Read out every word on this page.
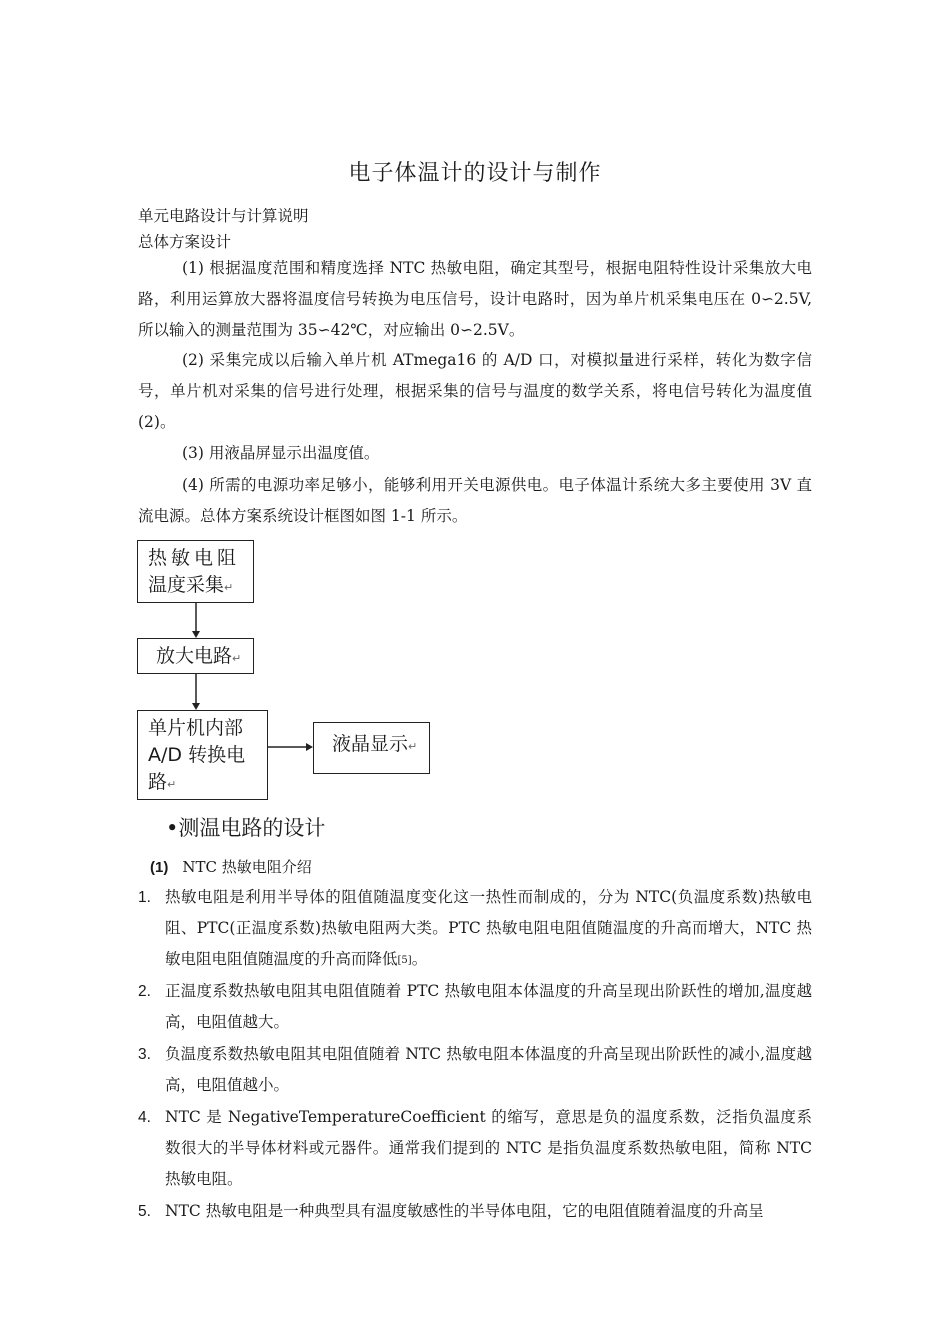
电子体温计的设计与制作
单元电路设计与计算说明
总体方案设计
(1) 根据温度范围和精度选择 NTC 热敏电阻，确定其型号，根据电阻特性设计采集放大电路，利用运算放大器将温度信号转换为电压信号，设计电路时，因为单片机采集电压在 0∽2.5V, 所以输入的测量范围为 35∽42℃，对应输出 0∽2.5V。
(2) 采集完成以后输入单片机 ATmega16 的 A/D 口，对模拟量进行采样，转化为数字信号，单片机对采集的信号进行处理，根据采集的信号与温度的数学关系，将电信号转化为温度值(2)。
(3) 用液晶屏显示出温度值。
(4) 所需的电源功率足够小，能够利用开关电源供电。电子体温计系统大多主要使用 3V 直流电源。总体方案系统设计框图如图 1-1 所示。
热敏电阻
温度采集↵
放大电路↵
单片机内部
A/D 转换电
路↵
液晶显示↵
•测温电路的设计
(1) NTC 热敏电阻介绍
1. 热敏电阻是利用半导体的阻值随温度变化这一热性而制成的，分为 NTC(负温度系数)热敏电阻、PTC(正温度系数)热敏电阻两大类。PTC 热敏电阻电阻值随温度的升高而增大，NTC 热敏电阻电阻值随温度的升高而降低[5]。
2. 正温度系数热敏电阻其电阻值随着 PTC 热敏电阻本体温度的升高呈现出阶跃性的增加,温度越高，电阻值越大。
3. 负温度系数热敏电阻其电阻值随着 NTC 热敏电阻本体温度的升高呈现出阶跃性的减小,温度越高，电阻值越小。
4. NTC 是 NegativeTemperatureCoefficient 的缩写，意思是负的温度系数，泛指负温度系数很大的半导体材料或元器件。通常我们提到的 NTC 是指负温度系数热敏电阻，简称 NTC 热敏电阻。
5. NTC 热敏电阻是一种典型具有温度敏感性的半导体电阻，它的电阻值随着温度的升高呈
